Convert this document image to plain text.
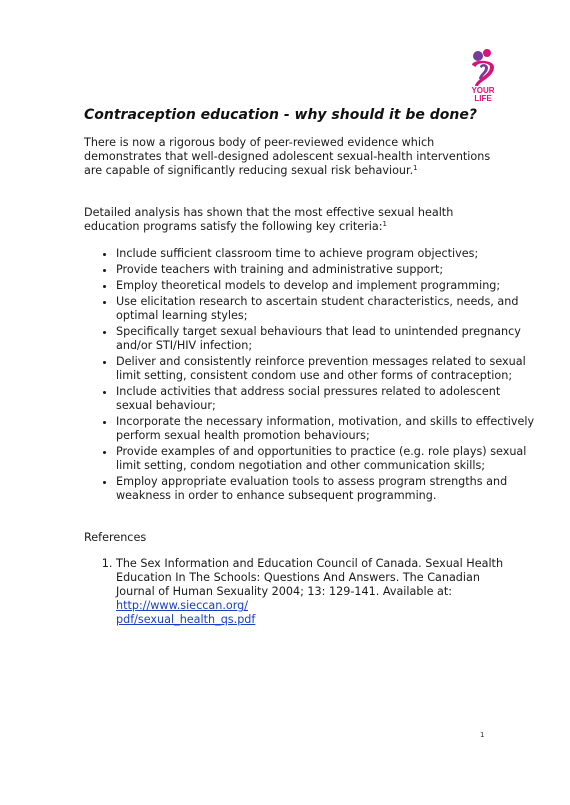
YOUR
LIFE
Contraception education - why should it be done?

There is now a rigorous body of peer-reviewed evidence which demonstrates that well-designed adolescent sexual-health interventions are capable of significantly reducing sexual risk behaviour.$^1$

Detailed analysis has shown that the most effective sexual health education programs satisfy the following key criteria:$^1$

• Include sufficient classroom time to achieve program objectives;
• Provide teachers with training and administrative support;
• Employ theoretical models to develop and implement programming;
• Use elicitation research to ascertain student characteristics, needs, and optimal learning styles;
• Specifically target sexual behaviours that lead to unintended pregnancy and/or STI/HIV infection;
• Deliver and consistently reinforce prevention messages related to sexual limit setting, consistent condom use and other forms of contraception;
• Include activities that address social pressures related to adolescent sexual behaviour;
• Incorporate the necessary information, motivation, and skills to effectively perform sexual health promotion behaviours;
• Provide examples of and opportunities to practice (e.g. role plays) sexual limit setting, condom negotiation and other communication skills;
• Employ appropriate evaluation tools to assess program strengths and weakness in order to enhance subsequent programming.

References

1. The Sex Information and Education Council of Canada. Sexual Health Education In The Schools: Questions And Answers. The Canadian Journal of Human Sexuality 2004; 13: 129-141. Available at: http://www.sieccan.org/
pdf/sexual_health_qs.pdf
1
